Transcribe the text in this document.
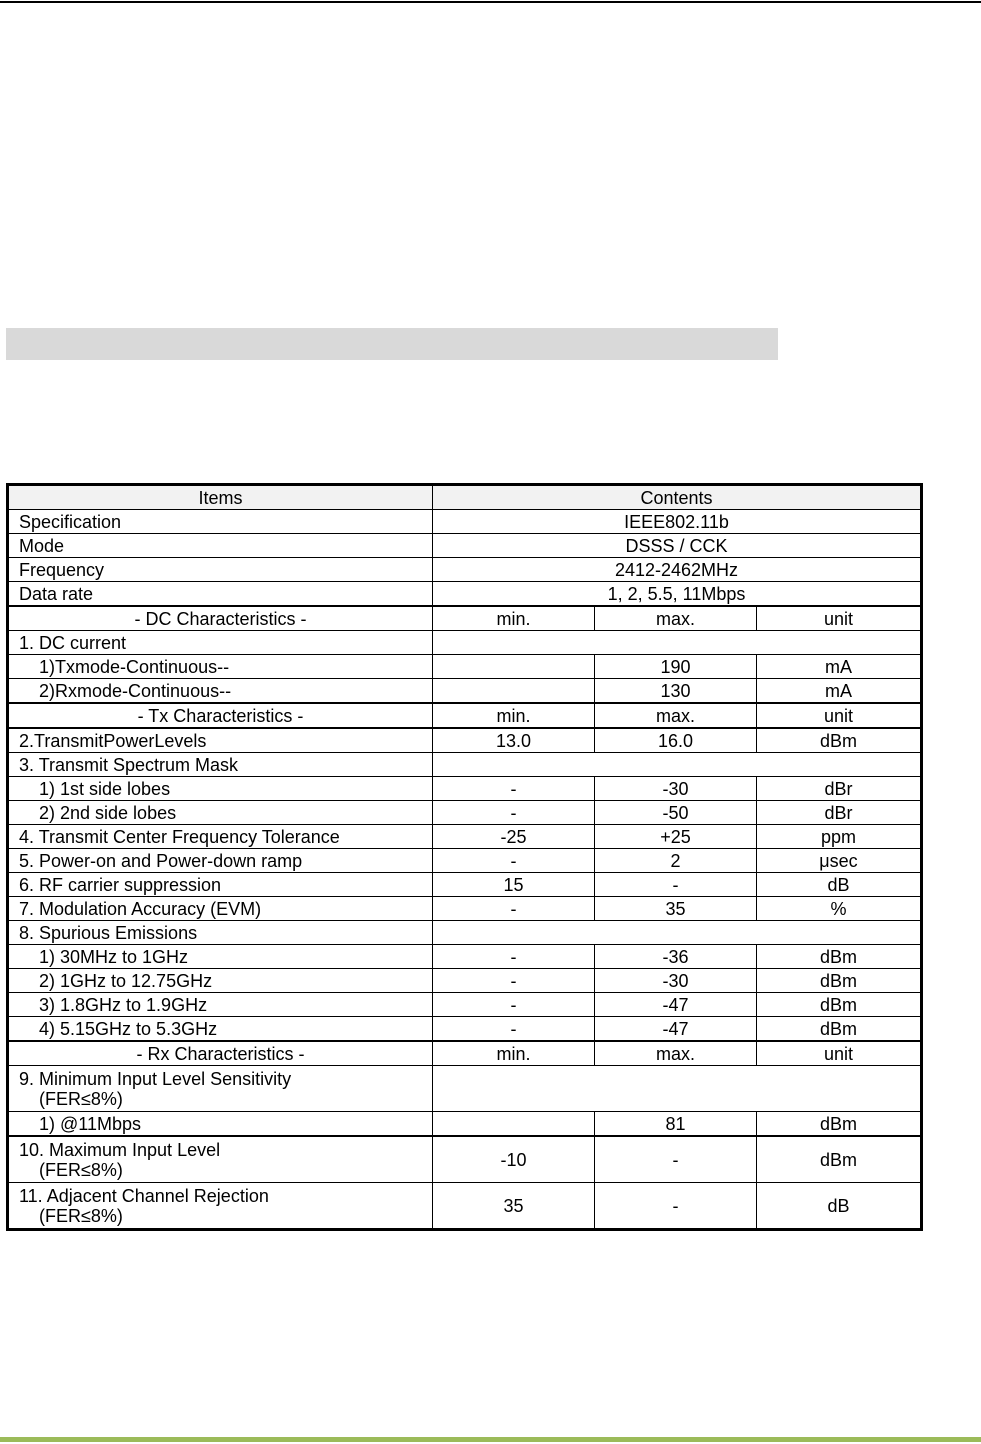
Items	Contents		
Specification	IEEE802.11b		
Mode	DSSS / CCK		
Frequency	2412-2462MHz		
Data rate	1, 2, 5.5, 11Mbps		
- DC Characteristics -	min.	max.	unit
1. DC current			
1)Txmode-Continuous--		190	mA
2)Rxmode-Continuous--		130	mA
- Tx Characteristics -	min.	max.	unit
2.TransmitPowerLevels	13.0	16.0	dBm
3. Transmit Spectrum Mask			
1) 1st side lobes	-	-30	dBr
2) 2nd side lobes	-	-50	dBr
4. Transmit Center Frequency Tolerance	-25	+25	ppm
5. Power-on and Power-down ramp	-	2	μsec
6. RF carrier suppression	15	-	dB
7. Modulation Accuracy (EVM)	-	35	%
8. Spurious Emissions			
1) 30MHz to 1GHz	-	-36	dBm
2) 1GHz to 12.75GHz	-	-30	dBm
3) 1.8GHz to 1.9GHz	-	-47	dBm
4) 5.15GHz to 5.3GHz	-	-47	dBm
- Rx Characteristics -	min.	max.	unit
9. Minimum Input Level Sensitivity
(FER≤8%)			

1) @11Mbps		81	dBm
10. Maximum Input Level
(FER≤8%)	-10	-	dBm
11. Adjacent Channel Rejection
(FER≤8%)	35	-	dB
